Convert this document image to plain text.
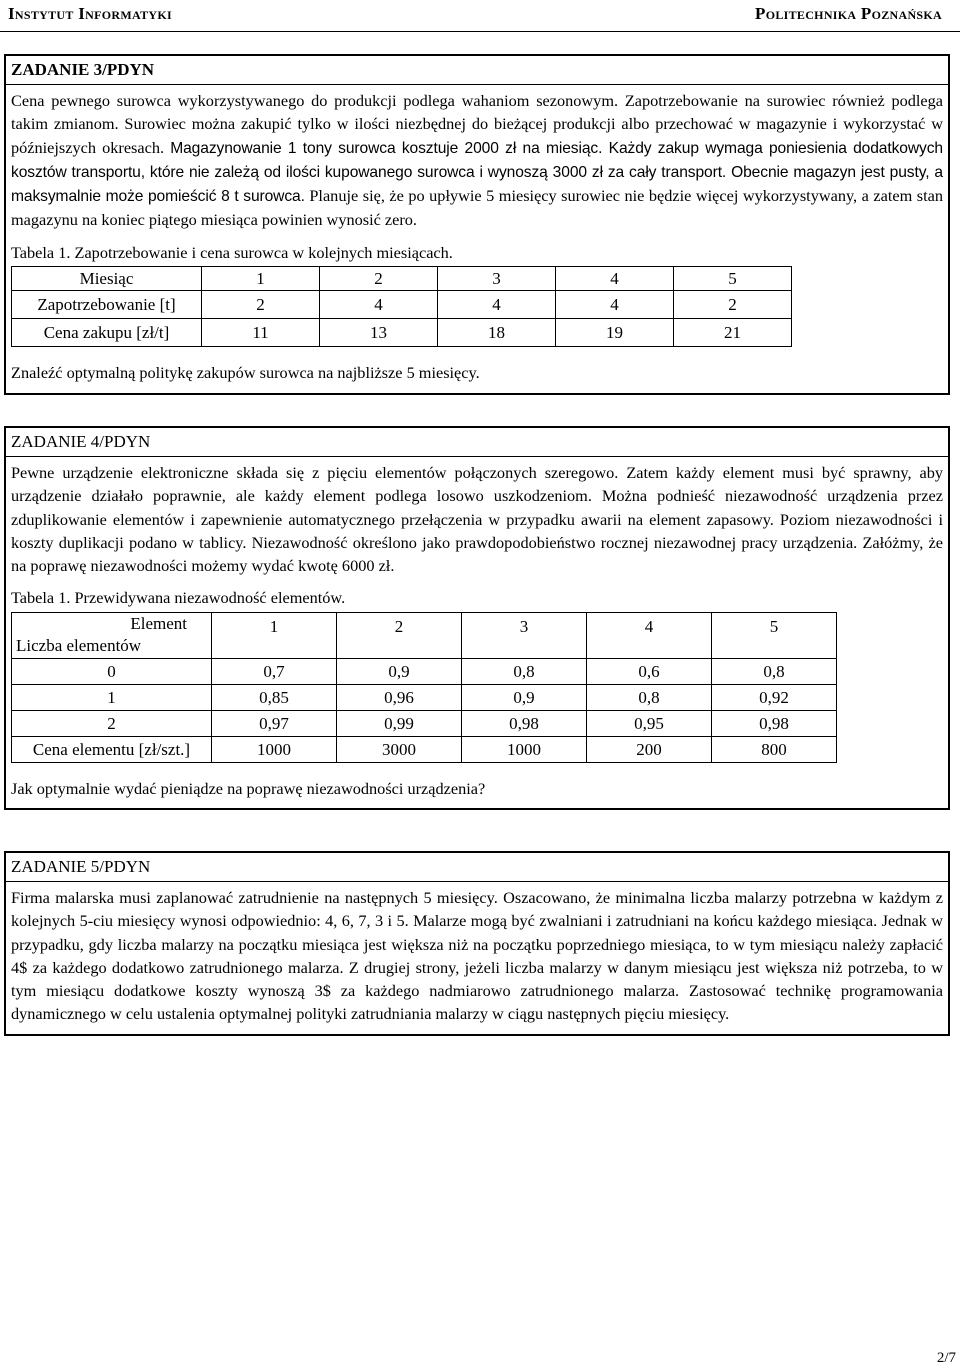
Instytut Informatyki	Politechnika Poznańska
ZADANIE 3/PDYN

Cena pewnego surowca wykorzystywanego do produkcji podlega wahaniom sezonowym. Zapotrzebowanie na surowiec również podlega takim zmianom. Surowiec można zakupić tylko w ilości niezbędnej do bieżącej produkcji albo przechować w magazynie i wykorzystać w późniejszych okresach. Magazynowanie 1 tony surowca kosztuje 2000 zł na miesiąc. Każdy zakup wymaga poniesienia dodatkowych kosztów transportu, które nie zależą od ilości kupowanego surowca i wynoszą 3000 zł za cały transport. Obecnie magazyn jest pusty, a maksymalnie może pomieścić 8 t surowca. Planuje się, że po upływie 5 miesięcy surowiec nie będzie więcej wykorzystywany, a zatem stan magazynu na koniec piątego miesiąca powinien wynosić zero.

Tabela 1. Zapotrzebowanie i cena surowca w kolejnych miesiącach.

Miesiąc	1	2	3	4	5
Zapotrzebowanie [t]	2	4	4	4	2
Cena zakupu [zł/t]	11	13	18	19	21

Znaleźć optymalną politykę zakupów surowca na najbliższe 5 miesięcy.

ZADANIE 4/PDYN

Pewne urządzenie elektroniczne składa się z pięciu elementów połączonych szeregowo. Zatem każdy element musi być sprawny, aby urządzenie działało poprawnie, ale każdy element podlega losowo uszkodzeniom. Można podnieść niezawodność urządzenia przez zduplikowanie elementów i zapewnienie automatycznego przełączenia w przypadku awarii na element zapasowy. Poziom niezawodności i koszty duplikacji podano w tablicy. Niezawodność określono jako prawdopodobieństwo rocznej niezawodnej pracy urządzenia. Załóżmy, że na poprawę niezawodności możemy wydać kwotę 6000 zł.

Tabela 1. Przewidywana niezawodność elementów.

Element
Liczba elementów	1	2	3	4	5
0	0,7	0,9	0,8	0,6	0,8
1	0,85	0,96	0,9	0,8	0,92
2	0,97	0,99	0,98	0,95	0,98
Cena elementu [zł/szt.]	1000	3000	1000	200	800

Jak optymalnie wydać pieniądze na poprawę niezawodności urządzenia?

ZADANIE 5/PDYN

Firma malarska musi zaplanować zatrudnienie na następnych 5 miesięcy. Oszacowano, że minimalna liczba malarzy potrzebna w każdym z kolejnych 5-ciu miesięcy wynosi odpowiednio: 4, 6, 7, 3 i 5. Malarze mogą być zwalniani i zatrudniani na końcu każdego miesiąca. Jednak w przypadku, gdy liczba malarzy na początku miesiąca jest większa niż na początku poprzedniego miesiąca, to w tym miesiącu należy zapłacić 4$ za każdego dodatkowo zatrudnionego malarza. Z drugiej strony, jeżeli liczba malarzy w danym miesiącu jest większa niż potrzeba, to w tym miesiącu dodatkowe koszty wynoszą 3$ za każdego nadmiarowo zatrudnionego malarza. Zastosować technikę programowania dynamicznego w celu ustalenia optymalnej polityki zatrudniania malarzy w ciągu następnych pięciu miesięcy.

2/7
